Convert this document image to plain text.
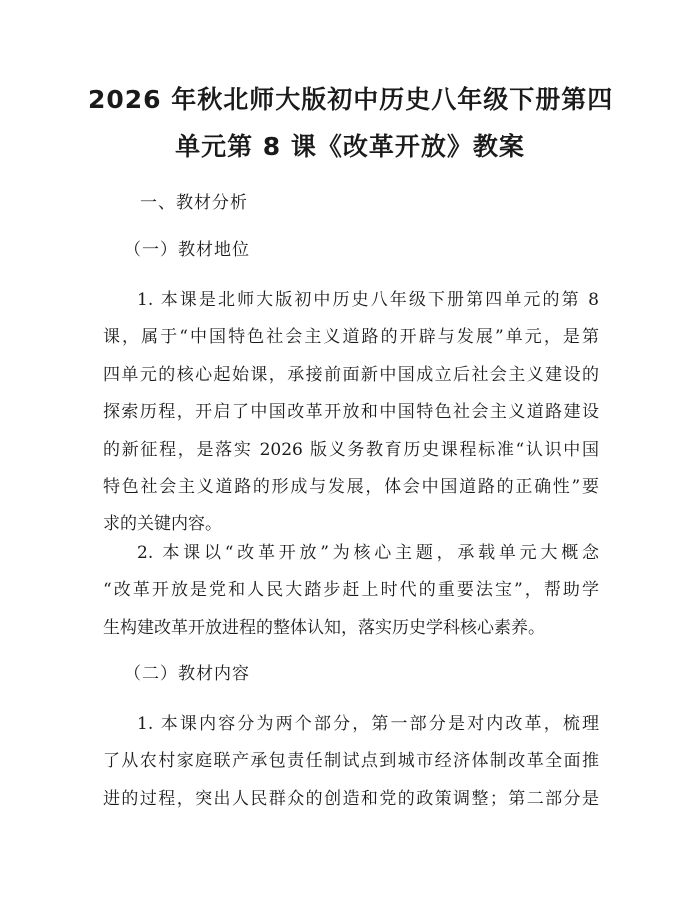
2026 年秋北师大版初中历史八年级下册第四
单元第 8 课《改革开放》教案
一、教材分析
（一）教材地位
1. 本课是北师大版初中历史八年级下册第四单元的第 8
课，属于“中国特色社会主义道路的开辟与发展”单元，是第
四单元的核心起始课，承接前面新中国成立后社会主义建设的
探索历程，开启了中国改革开放和中国特色社会主义道路建设
的新征程，是落实 2026 版义务教育历史课程标准“认识中国
特色社会主义道路的形成与发展，体会中国道路的正确性”要
求的关键内容。
2. 本课以“改革开放”为核心主题，承载单元大概念
“改革开放是党和人民大踏步赶上时代的重要法宝”，帮助学
生构建改革开放进程的整体认知，落实历史学科核心素养。
（二）教材内容
1. 本课内容分为两个部分，第一部分是对内改革，梳理
了从农村家庭联产承包责任制试点到城市经济体制改革全面推
进的过程，突出人民群众的创造和党的政策调整；第二部分是
